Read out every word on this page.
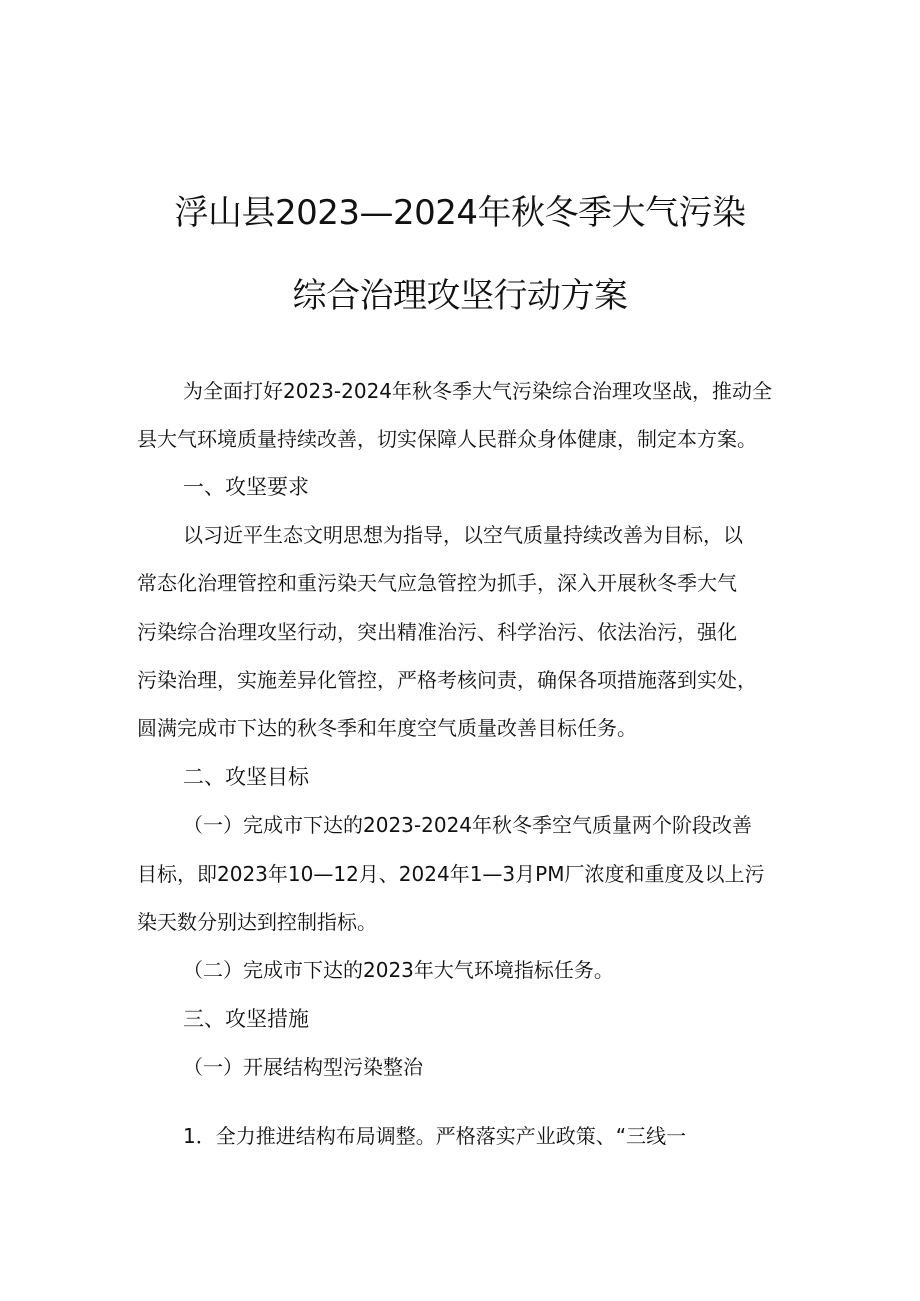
浮山县2023—2024年秋冬季大气污染
综合治理攻坚行动方案
为全面打好2023-2024年秋冬季大气污染综合治理攻坚战，推动全
县大气环境质量持续改善，切实保障人民群众身体健康，制定本方案。
一、攻坚要求
以习近平生态文明思想为指导，以空气质量持续改善为目标，以
常态化治理管控和重污染天气应急管控为抓手，深入开展秋冬季大气
污染综合治理攻坚行动，突出精准治污、科学治污、依法治污，强化
污染治理，实施差异化管控，严格考核问责，确保各项措施落到实处，
圆满完成市下达的秋冬季和年度空气质量改善目标任务。
二、攻坚目标
（一）完成市下达的2023-2024年秋冬季空气质量两个阶段改善
目标，即2023年10—12月、2024年1—3月PM厂浓度和重度及以上污
染天数分别达到控制指标。
（二）完成市下达的2023年大气环境指标任务。
三、攻坚措施
（一）开展结构型污染整治
1．全力推进结构布局调整。严格落实产业政策、“三线一
